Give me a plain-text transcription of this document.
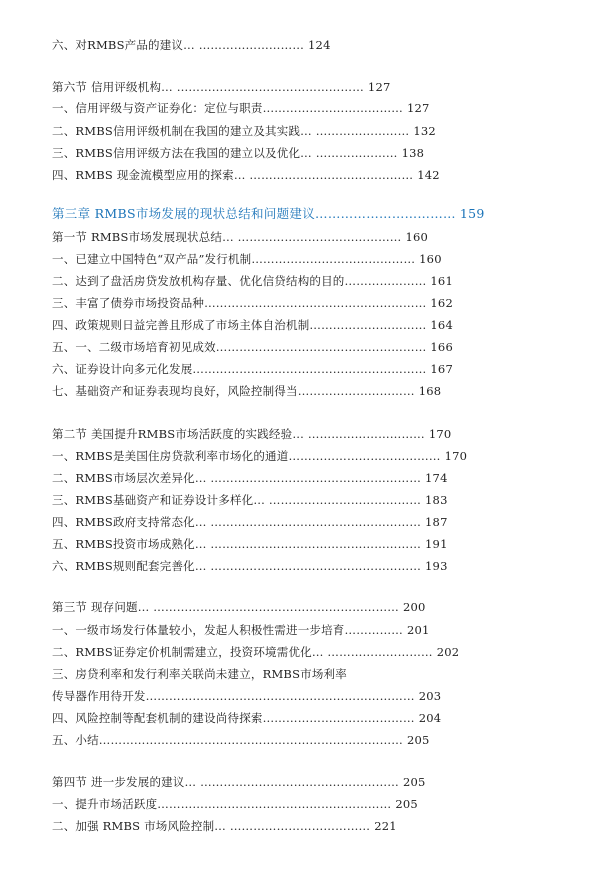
六、对RMBS产品的建议… ……………………… 124
第六节 信用评级机构… ………………………………………… 127
一、信用评级与资产证券化：定位与职责……………………………… 127
二、RMBS信用评级机制在我国的建立及其实践… …………………… 132
三、RMBS信用评级方法在我国的建立以及优化… ………………… 138
四、RMBS 现金流模型应用的探索… …………………………………… 142
第三章 RMBS市场发展的现状总结和问题建议…………………………… 159
第一节 RMBS市场发展现状总结… …………………………………… 160
一、已建立中国特色“双产品”发行机制…………………………………… 160
二、达到了盘活房贷发放机构存量、优化信贷结构的目的………………… 161
三、丰富了债券市场投资品种………………………………………………… 162
四、政策规则日益完善且形成了市场主体自治机制………………………… 164
五、一、二级市场培育初见成效……………………………………………… 166
六、证券设计向多元化发展…………………………………………………… 167
七、基础资产和证券表现均良好，风险控制得当………………………… 168
第二节 美国提升RMBS市场活跃度的实践经验… ………………………… 170
一、RMBS是美国住房贷款利率市场化的通道………………………………… 170
二、RMBS市场层次差异化… ……………………………………………… 174
三、RMBS基础资产和证券设计多样化… ………………………………… 183
四、RMBS政府支持常态化… ……………………………………………… 187
五、RMBS投资市场成熟化… ……………………………………………… 191
六、RMBS规则配套完善化… ……………………………………………… 193
第三节 现存问题… ……………………………………………………… 200
一、一级市场发行体量较小，发起人积极性需进一步培育…………… 201
二、RMBS证券定价机制需建立，投资环境需优化… ……………………… 202
三、房贷利率和发行利率关联尚未建立，RMBS市场利率
传导器作用待开发…………………………………………………………… 203
四、风险控制等配套机制的建设尚待探索………………………………… 204
五、小结…………………………………………………………………… 205
第四节 进一步发展的建议… …………………………………………… 205
一、提升市场活跃度…………………………………………………… 205
二、加强 RMBS 市场风险控制… ……………………………… 221
